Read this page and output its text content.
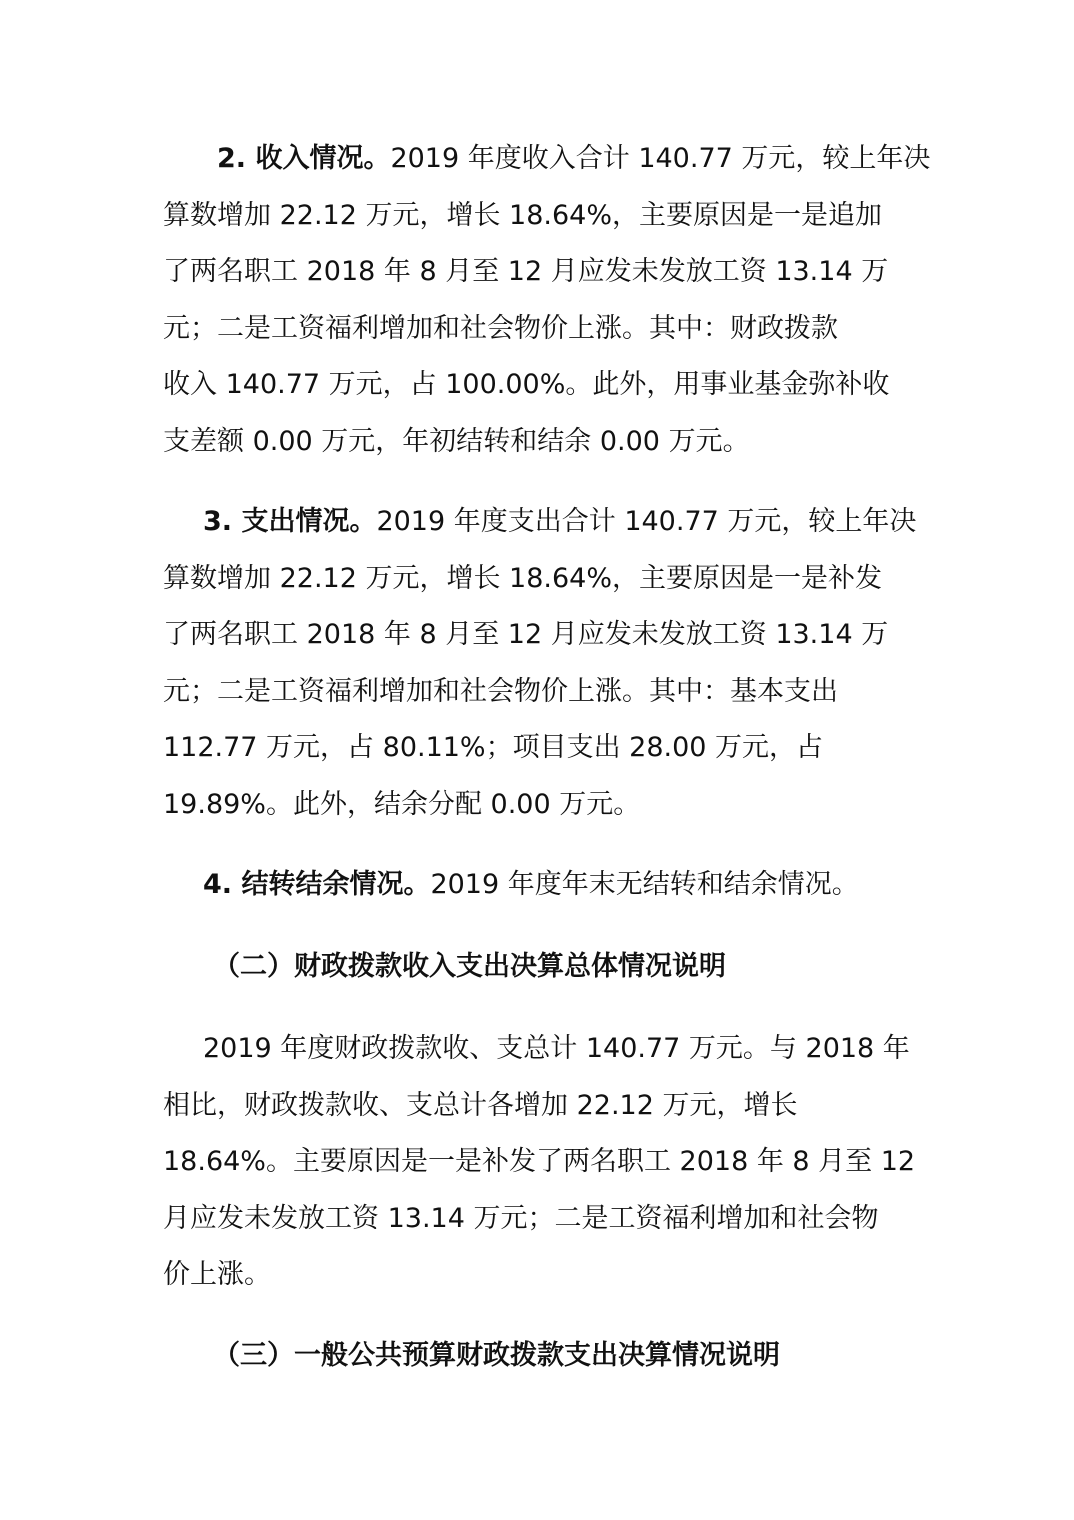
2. 收入情况。2019 年度收入合计 140.77 万元，较上年决
算数增加 22.12 万元，增长 18.64%，主要原因是一是追加
了两名职工 2018 年 8 月至 12 月应发未发放工资 13.14 万
元；二是工资福利增加和社会物价上涨。其中：财政拨款
收入 140.77 万元，占 100.00%。此外，用事业基金弥补收
支差额 0.00 万元，年初结转和结余 0.00 万元。
3. 支出情况。2019 年度支出合计 140.77 万元，较上年决
算数增加 22.12 万元，增长 18.64%，主要原因是一是补发
了两名职工 2018 年 8 月至 12 月应发未发放工资 13.14 万
元；二是工资福利增加和社会物价上涨。其中：基本支出
112.77 万元，占 80.11%；项目支出 28.00 万元，占
19.89%。此外，结余分配 0.00 万元。
4. 结转结余情况。2019 年度年末无结转和结余情况。
（二）财政拨款收入支出决算总体情况说明
2019 年度财政拨款收、支总计 140.77 万元。与 2018 年
相比，财政拨款收、支总计各增加 22.12 万元，增长
18.64%。主要原因是一是补发了两名职工 2018 年 8 月至 12
月应发未发放工资 13.14 万元；二是工资福利增加和社会物
价上涨。
（三）一般公共预算财政拨款支出决算情况说明
